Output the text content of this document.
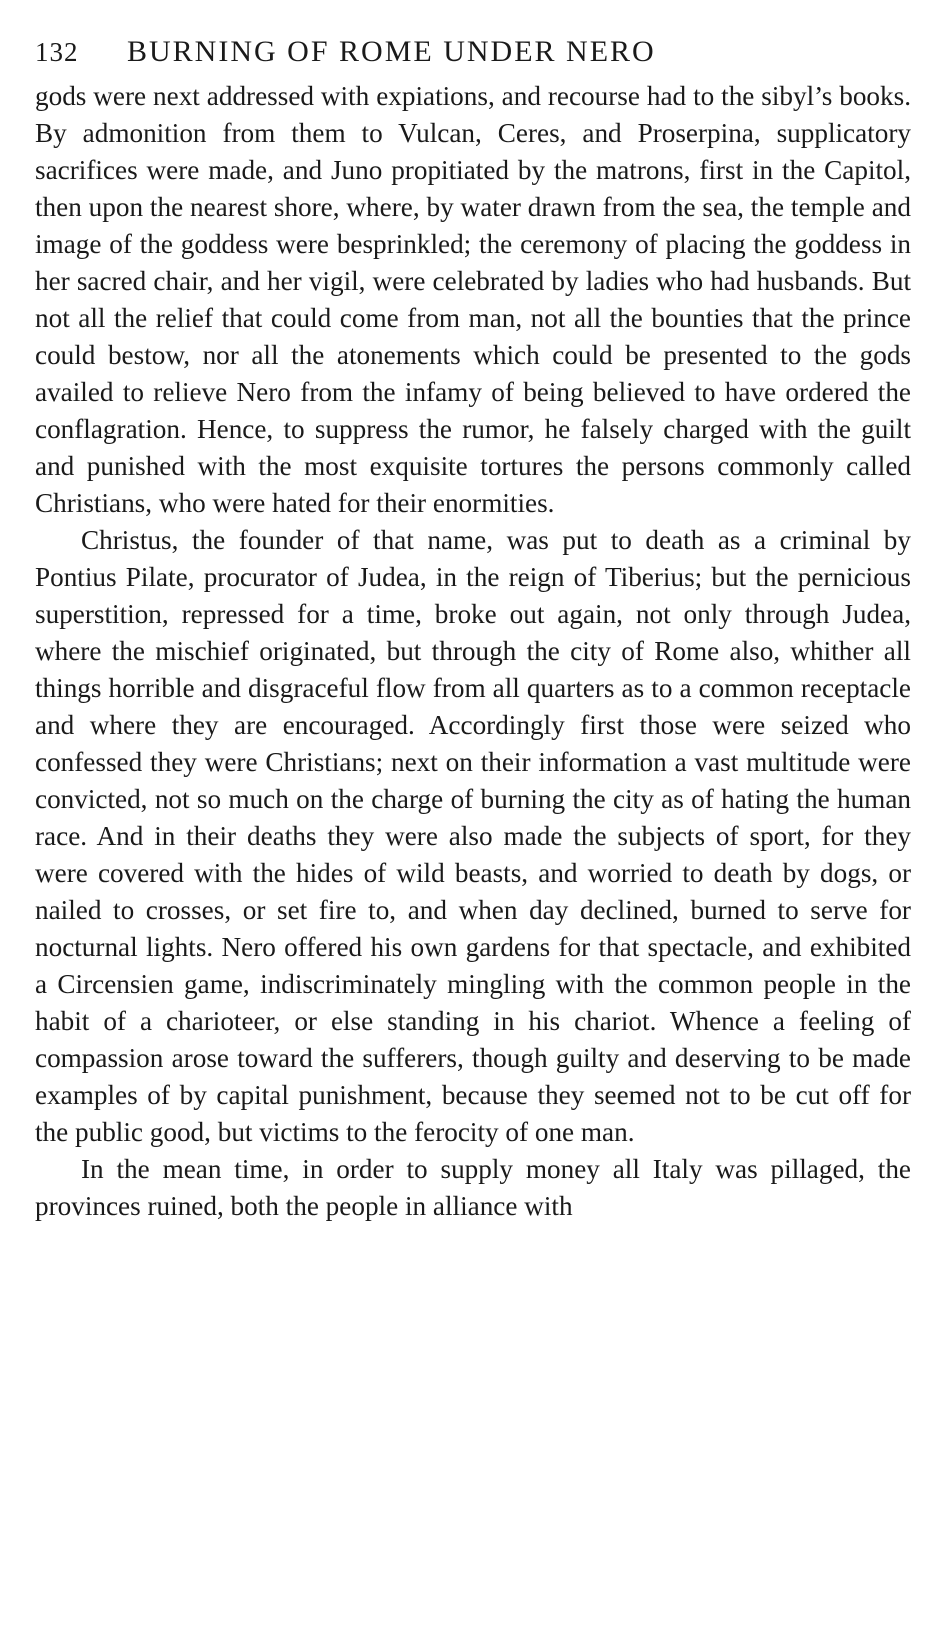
132	BURNING OF ROME UNDER NERO

gods were next addressed with expiations, and recourse had to the sibyl’s books. By admonition from them to Vulcan, Ceres, and Proserpina, supplicatory sacrifices were made, and Juno propitiated by the matrons, first in the Capitol, then upon the nearest shore, where, by water drawn from the sea, the temple and image of the goddess were besprinkled; the ceremony of placing the goddess in her sacred chair, and her vigil, were celebrated by ladies who had husbands. But not all the relief that could come from man, not all the bounties that the prince could bestow, nor all the atonements which could be presented to the gods availed to relieve Nero from the infamy of being believed to have ordered the conflagration. Hence, to suppress the rumor, he falsely charged with the guilt and punished with the most exquisite tortures the persons commonly called Christians, who were hated for their enormities.

Christus, the founder of that name, was put to death as a criminal by Pontius Pilate, procurator of Judea, in the reign of Tiberius; but the pernicious superstition, repressed for a time, broke out again, not only through Judea, where the mischief originated, but through the city of Rome also, whither all things horrible and disgraceful flow from all quarters as to a common receptacle and where they are encouraged. Accordingly first those were seized who confessed they were Christians; next on their information a vast multitude were convicted, not so much on the charge of burning the city as of hating the human race. And in their deaths they were also made the subjects of sport, for they were covered with the hides of wild beasts, and worried to death by dogs, or nailed to crosses, or set fire to, and when day declined, burned to serve for nocturnal lights. Nero offered his own gardens for that spectacle, and exhibited a Circensien game, indiscriminately mingling with the common people in the habit of a charioteer, or else standing in his chariot. Whence a feeling of compassion arose toward the sufferers, though guilty and deserving to be made examples of by capital punishment, because they seemed not to be cut off for the public good, but victims to the ferocity of one man.

In the mean time, in order to supply money all Italy was pillaged, the provinces ruined, both the people in alliance with
